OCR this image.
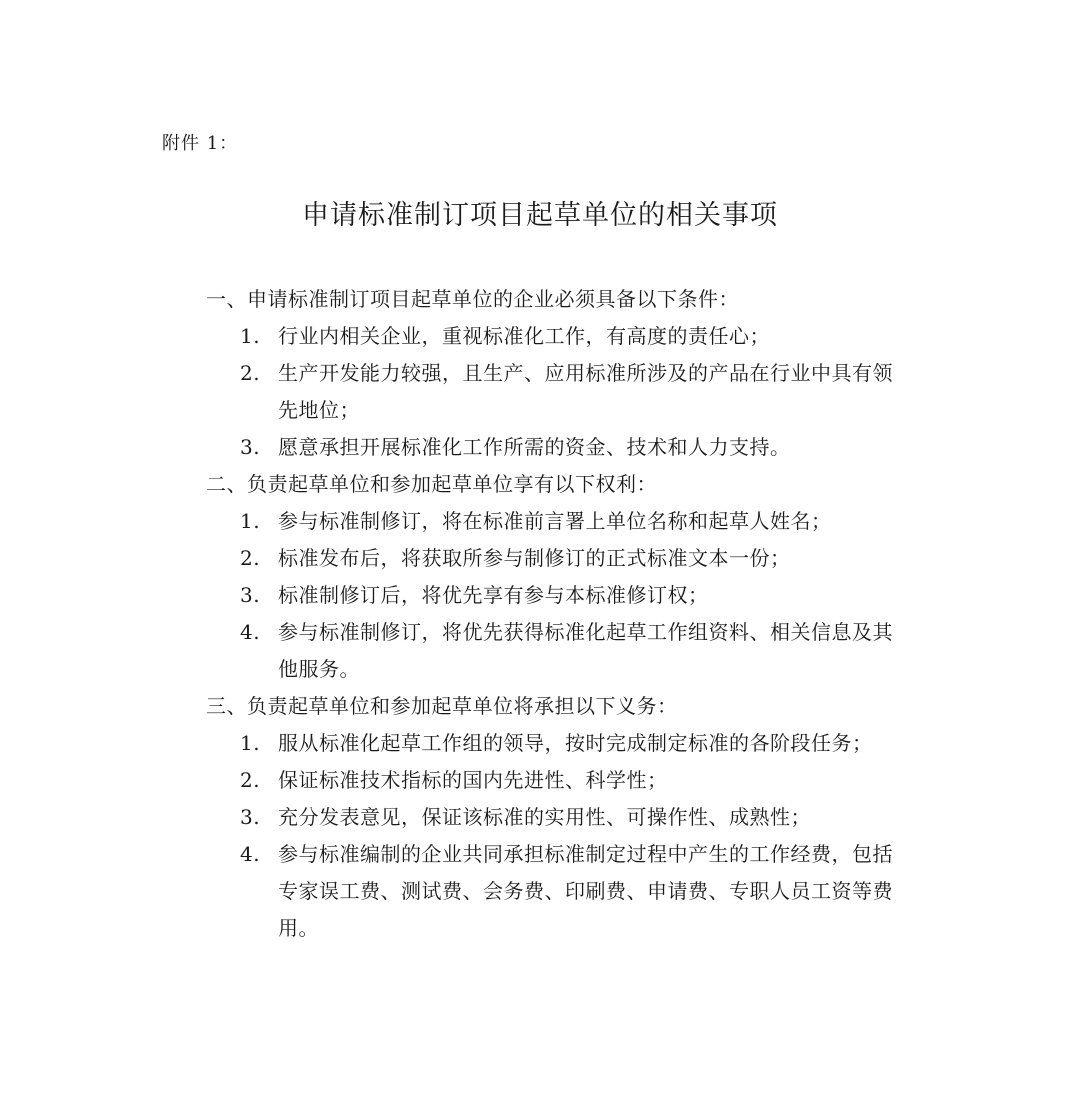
附件 1：
申请标准制订项目起草单位的相关事项
一、申请标准制订项目起草单位的企业必须具备以下条件：
1. 行业内相关企业，重视标准化工作，有高度的责任心；
2. 生产开发能力较强，且生产、应用标准所涉及的产品在行业中具有领先地位；
3. 愿意承担开展标准化工作所需的资金、技术和人力支持。
二、负责起草单位和参加起草单位享有以下权利：
1. 参与标准制修订，将在标准前言署上单位名称和起草人姓名；
2. 标准发布后，将获取所参与制修订的正式标准文本一份；
3. 标准制修订后，将优先享有参与本标准修订权；
4. 参与标准制修订，将优先获得标准化起草工作组资料、相关信息及其他服务。
三、负责起草单位和参加起草单位将承担以下义务：
1. 服从标准化起草工作组的领导，按时完成制定标准的各阶段任务；
2. 保证标准技术指标的国内先进性、科学性；
3. 充分发表意见，保证该标准的实用性、可操作性、成熟性；
4. 参与标准编制的企业共同承担标准制定过程中产生的工作经费，包括专家误工费、测试费、会务费、印刷费、申请费、专职人员工资等费用。
